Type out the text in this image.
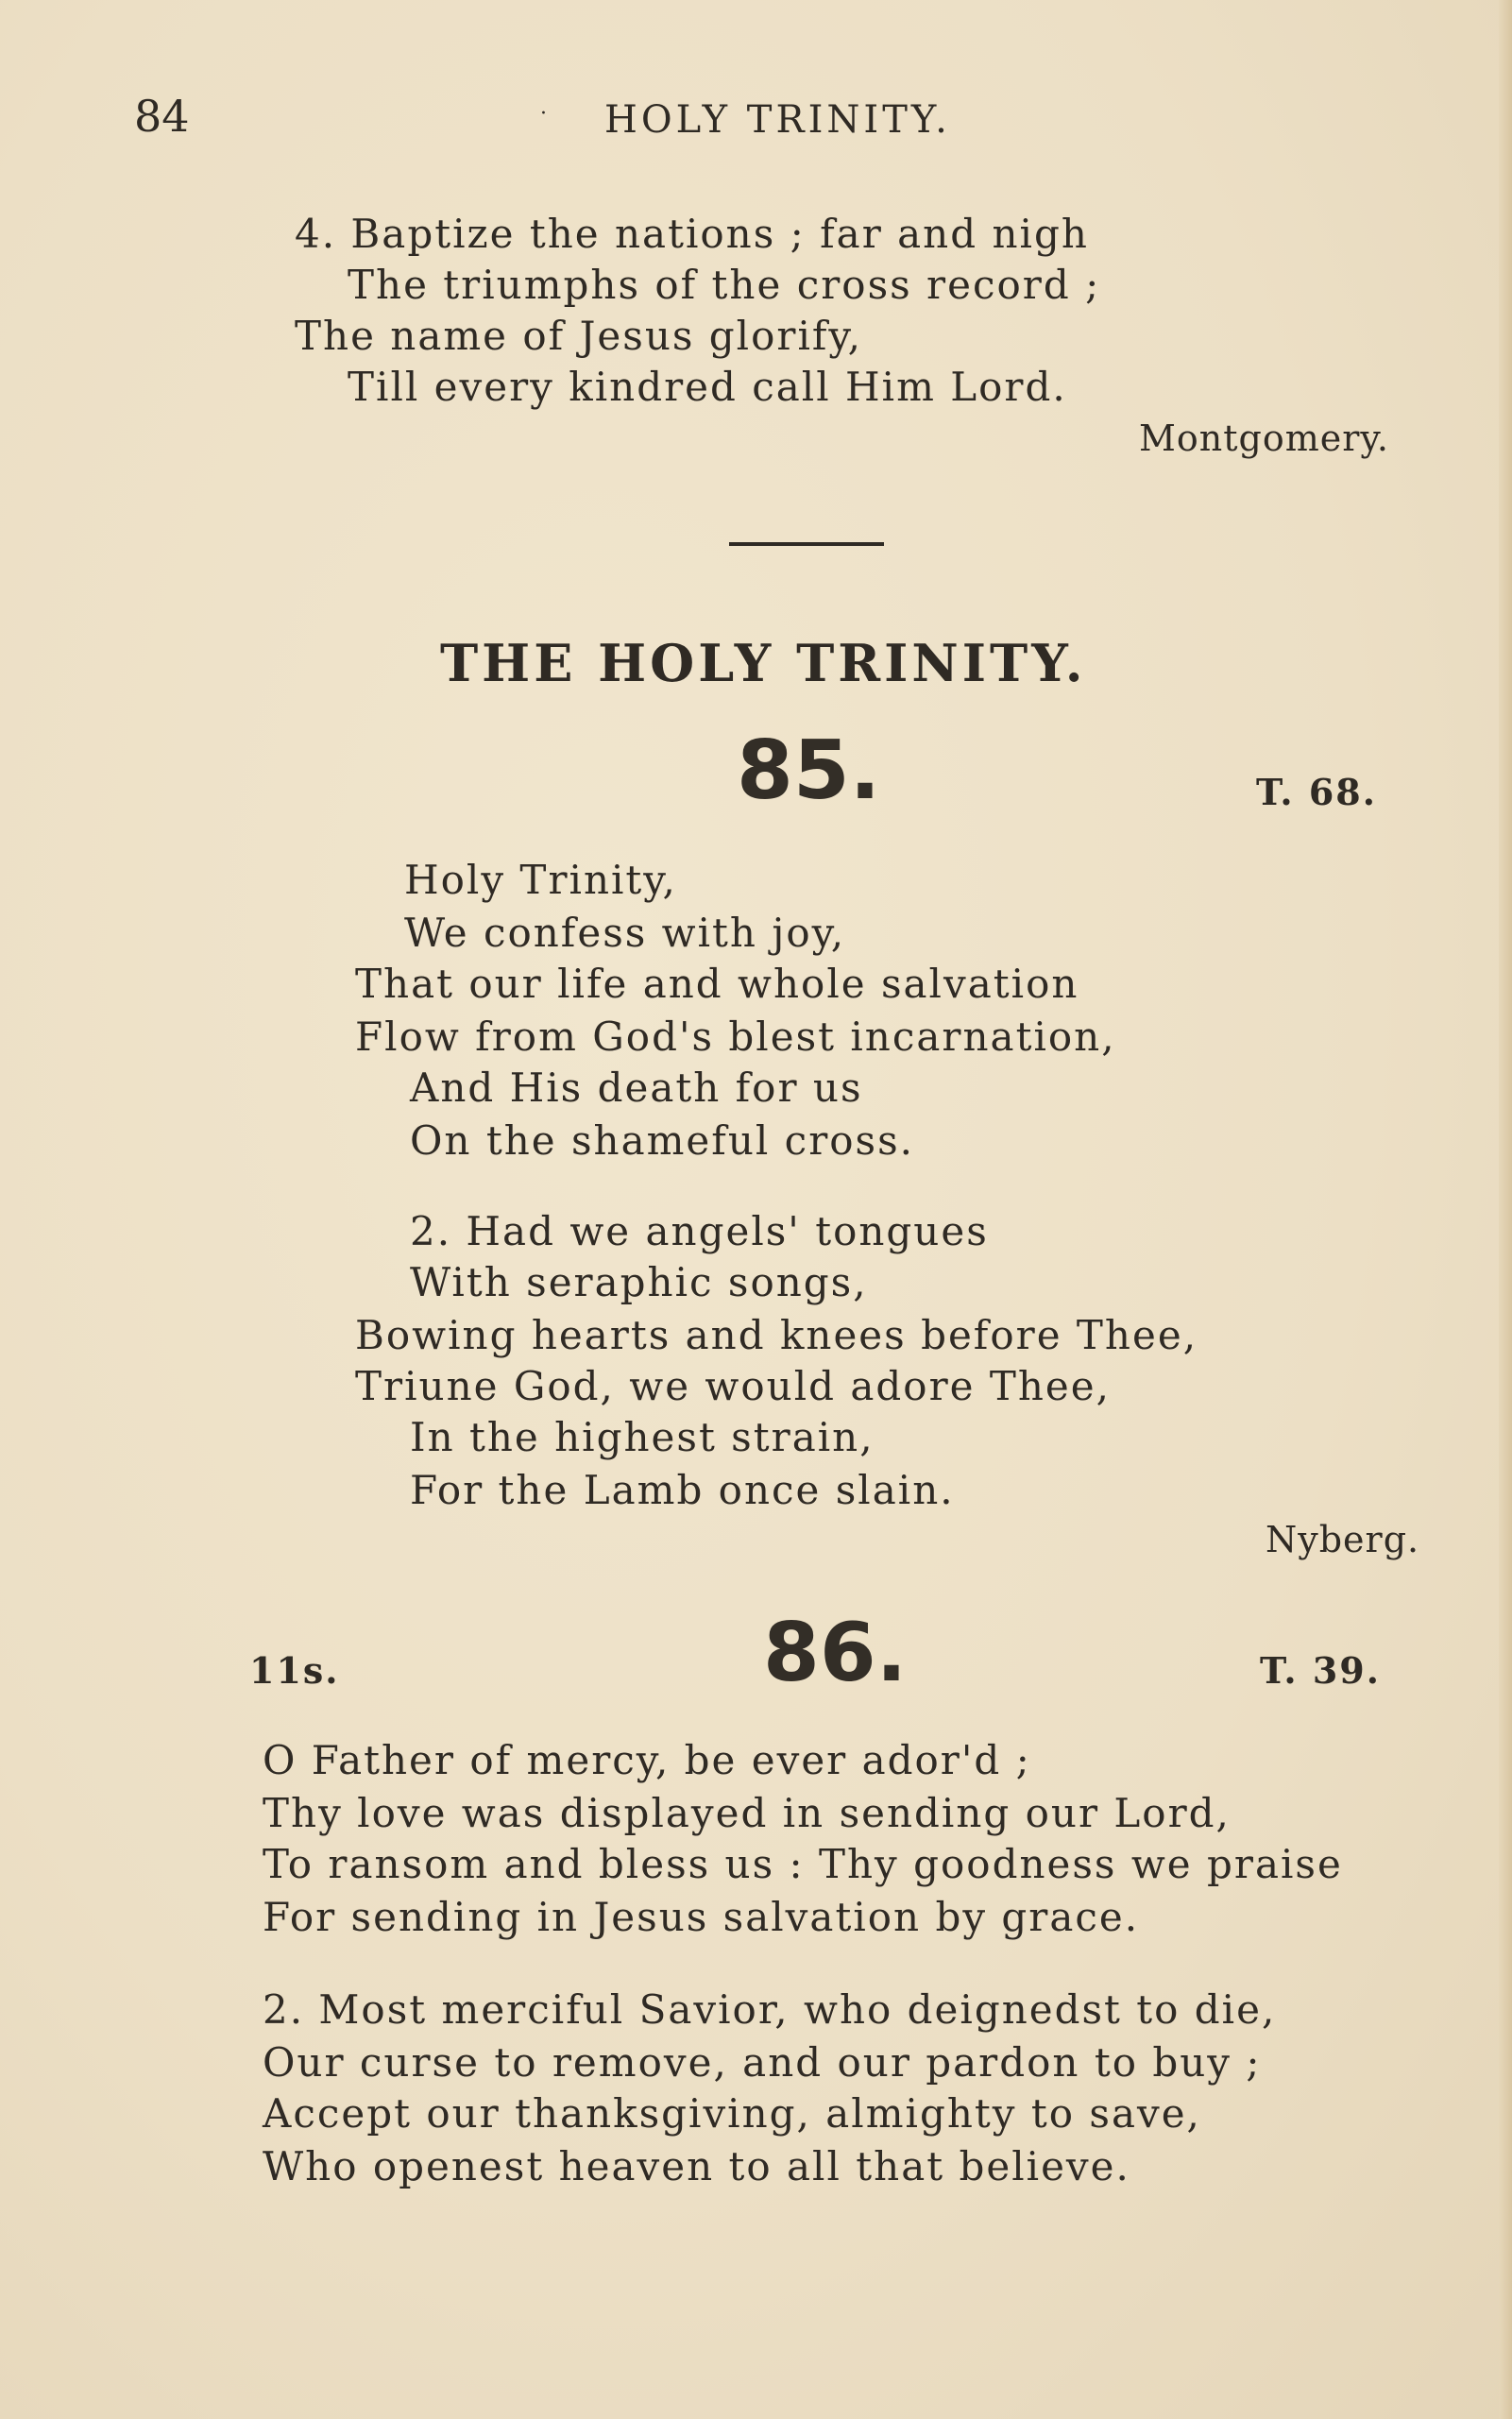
84	· HOLY TRINITY.
4. Baptize the nations ; far and nigh
The triumphs of the cross record ;
The name of Jesus glorify,
Till every kindred call Him Lord.
Montgomery.
THE HOLY TRINITY.
85.	T. 68.
Holy Trinity,
We confess with joy,
That our life and whole salvation
Flow from God's blest incarnation,
And His death for us
On the shameful cross.
2. Had we angels' tongues
With seraphic songs,
Bowing hearts and knees before Thee,
Triune God, we would adore Thee,
In the highest strain,
For the Lamb once slain.
Nyberg.
11s.	86.	T. 39.
O Father of mercy, be ever ador'd ;
Thy love was displayed in sending our Lord,
To ransom and bless us : Thy goodness we praise
For sending in Jesus salvation by grace.
2. Most merciful Savior, who deignedst to die,
Our curse to remove, and our pardon to buy ;
Accept our thanksgiving, almighty to save,
Who openest heaven to all that believe.
